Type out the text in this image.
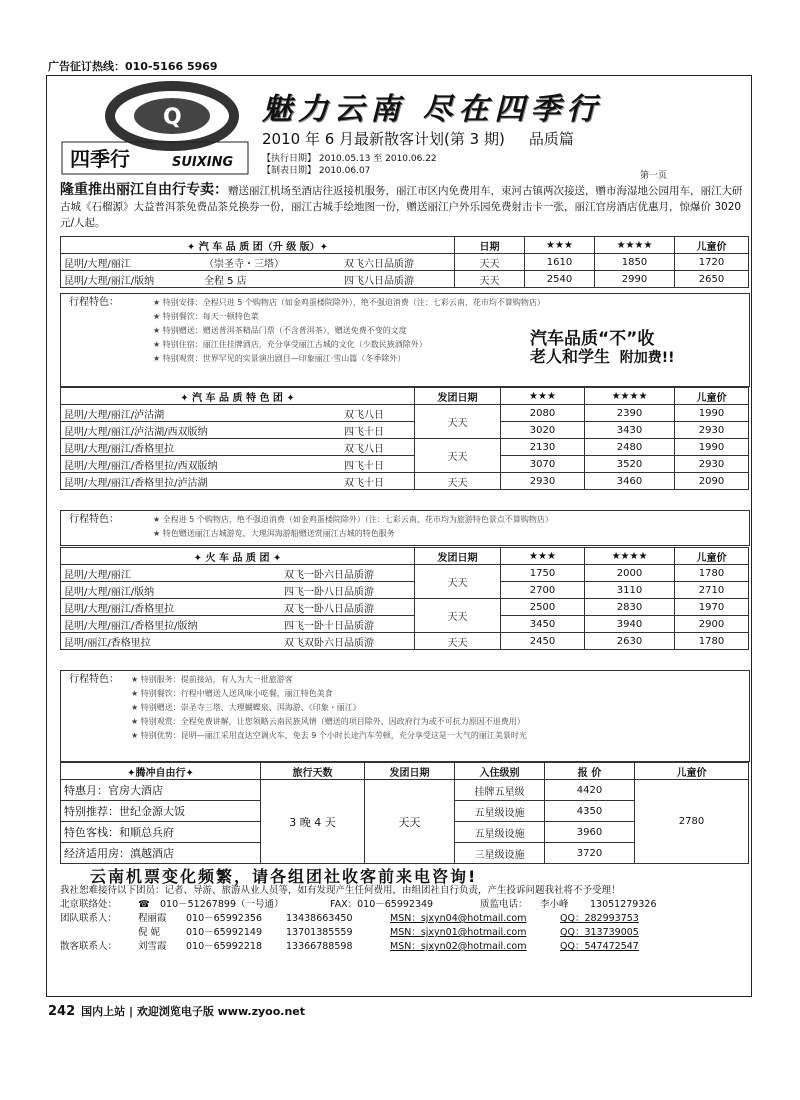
广告征订热线：010-5166 5969
Q
四季行	SUIXING
魅力云南 尽在四季行
2010 年 6 月最新散客计划(第 3 期) 品质篇
【执行日期】 2010.05.13 至 2010.06.22
【制表日期】 2010.06.07	第一页
隆重推出丽江自由行专卖：赠送丽江机场至酒店往返接机服务，丽江市区内免费用车，束河古镇两次接送，赠市海湿地公园用车，丽江大研古城《石榴源》大益普洱茶免费品茶兑换券一份，丽江古城手绘地图一份，赠送丽江户外乐园免费射击卡一张，丽江官房酒店优惠月，惊爆价 3020 元/人起。
✦ 汽 车 品 质 团（升 级 版）✦	日期	★★★	★★★★	儿童价
昆明/大理/丽江 （崇圣寺・三塔） 双飞六日品质游	天天	1610	1850	1720
昆明/大理/丽江/版纳 全程 5 店 四飞八日品质游	天天	2540	2990	2650
行程特色：	★ 特别安排：全程只进 5 个购物店（如金鸡蛋楼院除外），绝不强迫消费（注：七彩云南、花市均不算购物店）
★ 特别餐饮：每天一顿特色菜
★ 特别赠送：赠送普洱茶精品门票（不含普洱茶），赠送免费不变的文度
★ 特别住宿：丽江住挂牌酒店，充分享受丽江古城的文化（少数民族酒除外）
★ 特别观赏：世界罕见的实景演出剧目—印象丽江·雪山篇（冬季除外）
汽车品质“不”收
老人和学生 附加费!!
✦ 汽 车 品 质 特 色 团 ✦	发团日期	★★★	★★★★	儿童价
昆明/大理/丽江/泸沽湖 双飞八日	天天	2080	2390	1990
昆明/大理/丽江/泸沽湖/西双版纳 四飞十日		3020	3430	2930
昆明/大理/丽江/香格里拉 双飞八日	天天	2130	2480	1990
昆明/大理/丽江/香格里拉/西双版纳 四飞十日		3070	3520	2930
昆明/大理/丽江/香格里拉/泸沽湖 双飞十日	天天	2930	3460	2090
行程特色：	★ 全程进 5 个购物店，绝不强迫消费（如金鸡蛋楼院除外）（注：七彩云南、花市均为旅游特色景点不算购物店）
★ 特色赠送丽江古城游览，大理洱海游船赠送赏丽江古城的特色服务
✦ 火 车 品 质 团 ✦	发团日期	★★★	★★★★	儿童价
昆明/大理/丽江 双飞一卧六日品质游	天天	1750	2000	1780
昆明/大理/丽江/版纳 四飞一卧八日品质游		2700	3110	2710
昆明/大理/丽江/香格里拉 双飞一卧八日品质游	天天	2500	2830	1970
昆明/大理/丽江/香格里拉/版纳 四飞一卧十日品质游		3450	3940	2900
昆明/丽江/香格里拉 双飞双卧六日品质游	天天	2450	2630	1780
行程特色： ★ 特别服务：提前接站，有人为大一批旅游客
★ 特别餐饮：行程中赠送人送风味小吃餐，丽江特色美食
★ 特别赠送：崇圣寺三塔、大理蝴蝶泉、洱海游、《印象・丽江》
★ 特别观赏：全程免费讲解，让您领略云南民族风情（赠送的项目除外，因政府行为或不可抗力原因不退费用）
★ 特别优势：昆明—丽江采用直达空调火车，免去 9 个小时长途汽车劳顿，充分享受这是一大气的丽江美景时光
✦腾冲自由行✦	旅行天数	发团日期	入住级别	报 价	儿童价
特惠月：官房大酒店	3 晚 4 天	天天	挂牌五星级	4420	2780
特别推荐：世纪金源大饭			五星级设施	4350	
特色客栈：和顺总兵府			五星级设施	3960	
经济适用房：滇越酒店			三星级设施	3720	
云南机票变化频繁，请各组团社收客前来电咨询!
我社恕难接待以下团员：记者、导游、旅游从业人员等，如有发现产生任何费用，由组团社自行负责，产生投诉问题我社将不予受理！
北京联络处： ☎ 010－51267899（一号通）	FAX：010－65992349	质监电话： 李小峰 13051279326
团队联系人： 程丽霞 010－65992356	13438663450	MSN：sjxyn04@hotmail.com	QQ：282993753
倪 妮	010－65992149	13701385559	MSN：sjxyn01@hotmail.com	QQ：313739005
散客联系人： 刘雪霞 010－65992218	13366788598	MSN：sjxyn02@hotmail.com	QQ：547472547
242 国内上站 | 欢迎浏览电子版 www.zyoo.net
